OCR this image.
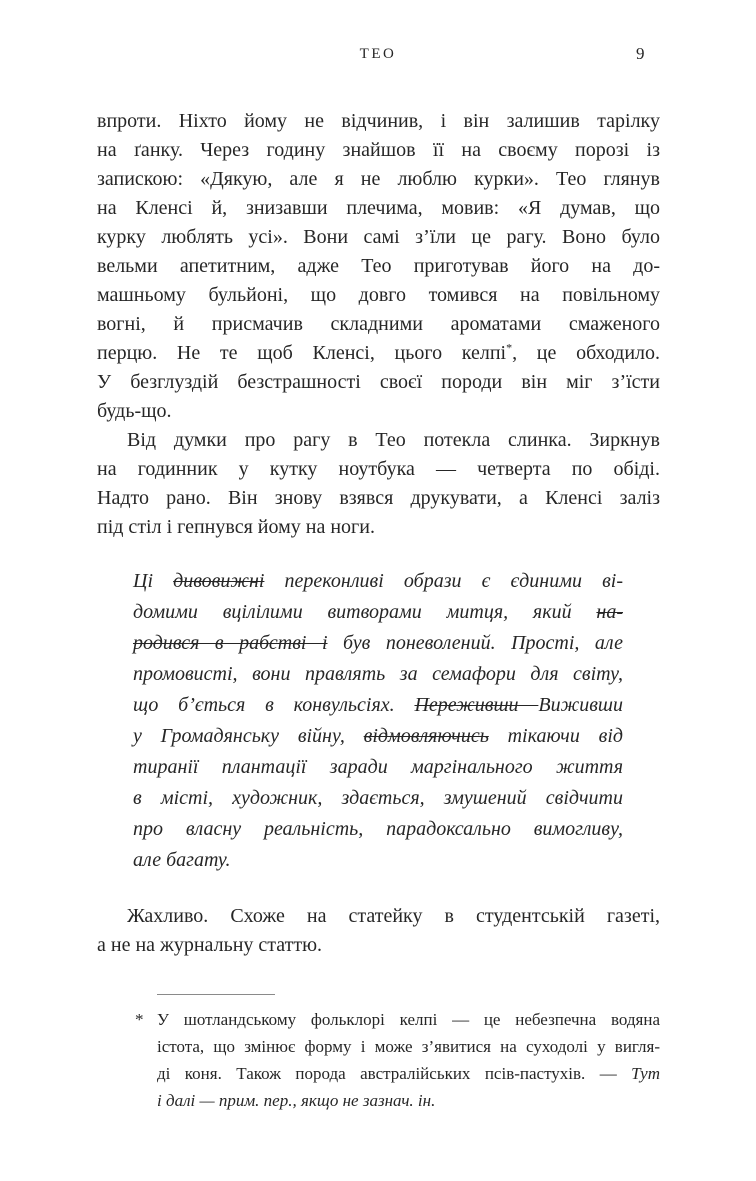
ТЕО	9
впроти. Ніхто йому не відчинив, і він залишив тарілку
на ґанку. Через годину знайшов її на своєму порозі із
запискою: «Дякую, але я не люблю курки». Тео глянув
на Кленсі й, знизавши плечима, мовив: «Я думав, що
курку люблять усі». Вони самі з’їли це рагу. Воно було
вельми апетитним, адже Тео приготував його на до-
машньому бульйоні, що довго томився на повільному
вогні, й присмачив складними ароматами смаженого
перцю. Не те щоб Кленсі, цього келпі*, це обходило.
У безглуздій безстрашності своєї породи він міг з’їсти
будь-що.
Від думки про рагу в Тео потекла слинка. Зиркнув
на годинник у кутку ноутбука — четверта по обіді.
Надто рано. Він знову взявся друкувати, а Кленсі заліз
під стіл і гепнувся йому на ноги.
Ці дивовижні переконливі образи є єдиними ві-
домими вцілілими витворами митця, який на-
родився в рабстві і був поневолений. Прості, але
промовисті, вони правлять за семафори для світу,
що б’ється в конвульсіях. Переживши Виживши
у Громадянську війну, відмовляючись тікаючи від
тиранії плантації заради маргінального життя
в місті, художник, здається, змушений свідчити
про власну реальність, парадоксально вимогливу,
але багату.
Жахливо. Схоже на статейку в студентській газеті,
а не на журнальну статтю.
* У шотландському фольклорі келпі — це небезпечна водяна
істота, що змінює форму і може з’явитися на суходолі у вигля-
ді коня. Також порода австралійських псів-пастухів. — Тут
і далі — прим. пер., якщо не зазнач. ін.
